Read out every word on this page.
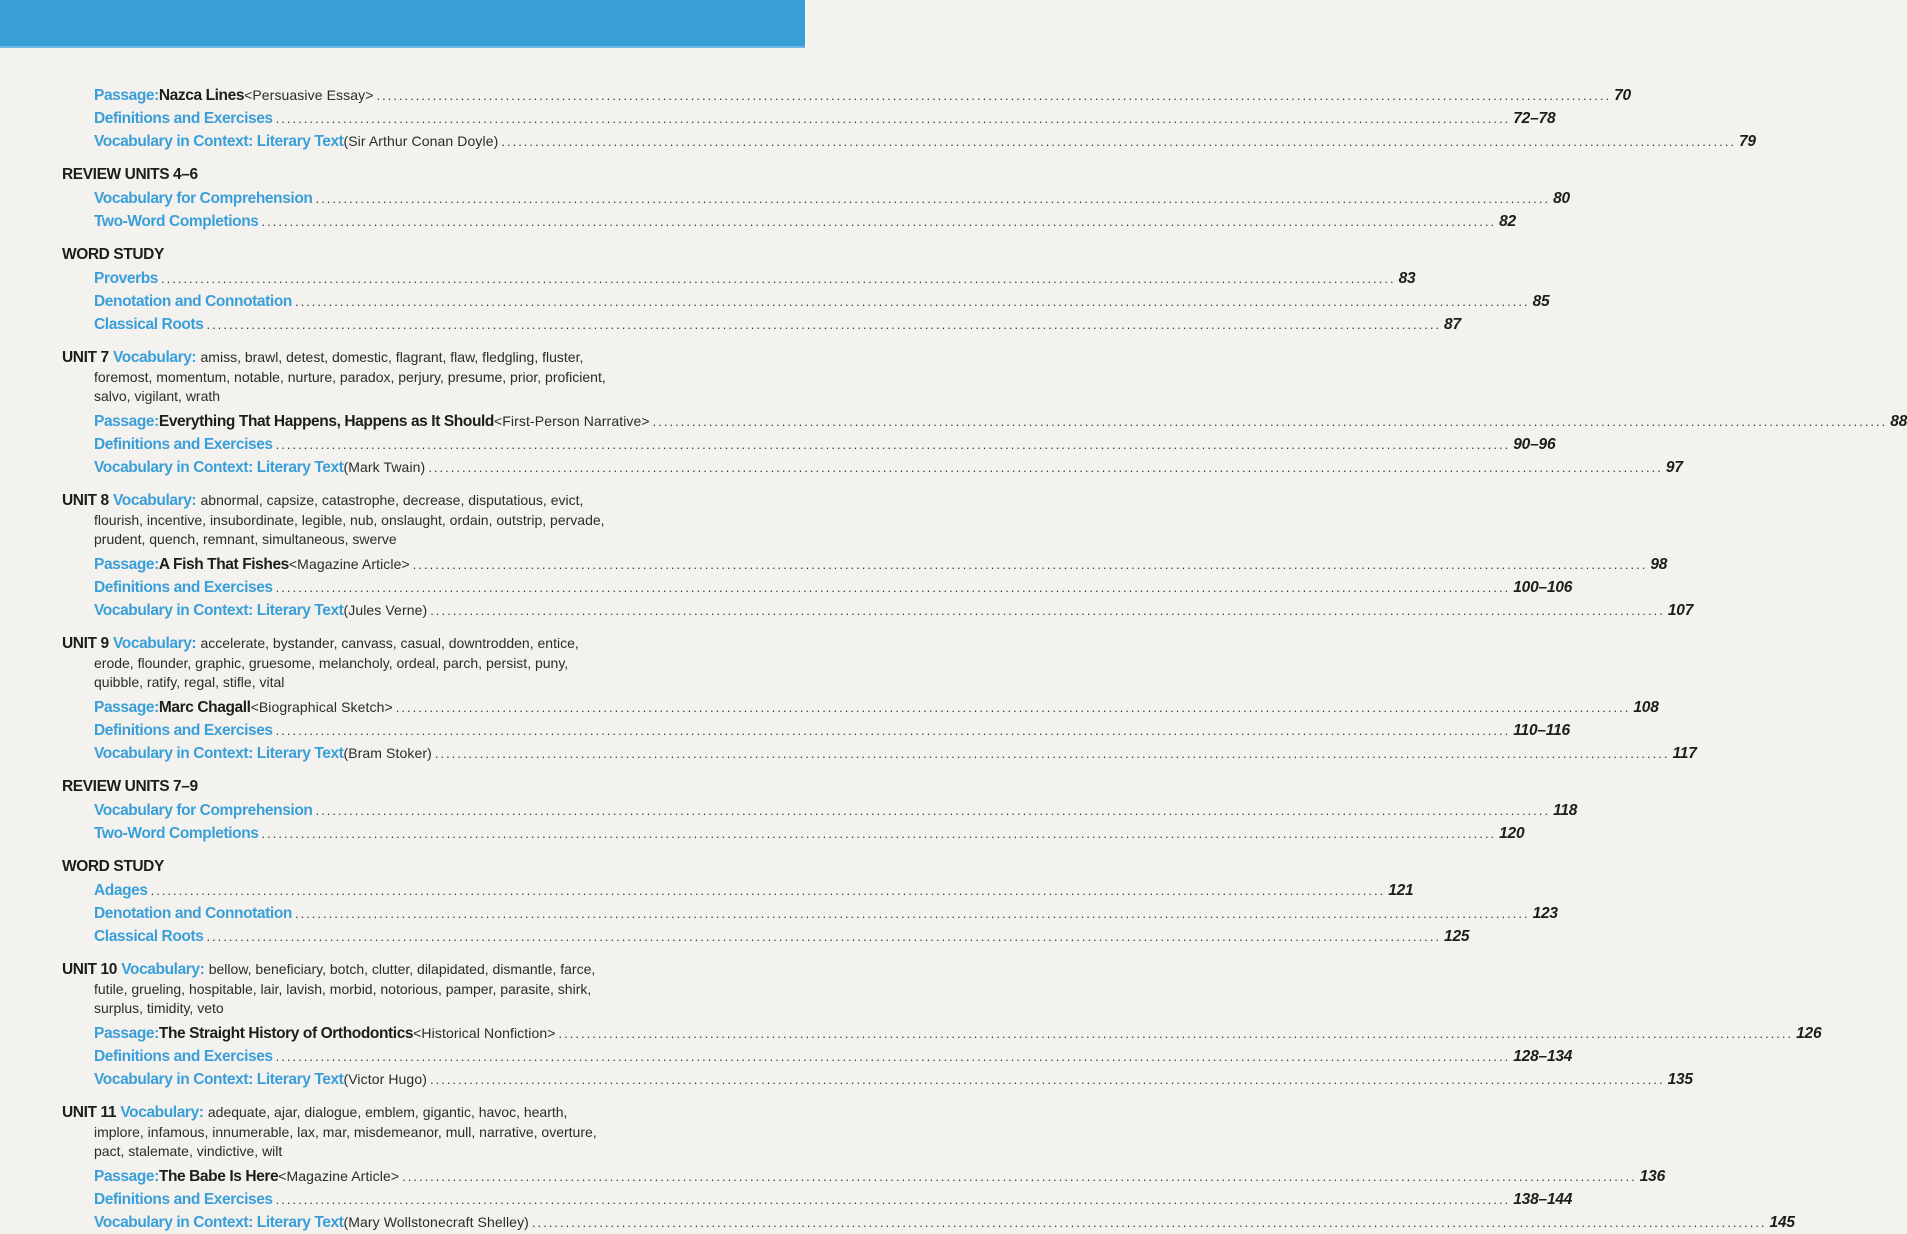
Passage: Nazca Lines <Persuasive Essay> ............................................................................................................................................................................................................................ 70
Definitions and Exercises ............................................................................................................................................................................................................................ 72–78
Vocabulary in Context: Literary Text (Sir Arthur Conan Doyle) ............................................................................................................................................................................................................................ 79
REVIEW UNITS 4–6
Vocabulary for Comprehension ............................................................................................................................................................................................................................ 80
Two-Word Completions ............................................................................................................................................................................................................................ 82
WORD STUDY
Proverbs ............................................................................................................................................................................................................................ 83
Denotation and Connotation ............................................................................................................................................................................................................................ 85
Classical Roots ............................................................................................................................................................................................................................ 87
UNIT 7 Vocabulary: amiss, brawl, detest, domestic, flagrant, flaw, fledgling, fluster,
foremost, momentum, notable, nurture, paradox, perjury, presume, prior, proficient,
salvo, vigilant, wrath
Passage: Everything That Happens, Happens as It Should <First-Person Narrative> ............................................................................................................................................................................................................................ 88
Definitions and Exercises ............................................................................................................................................................................................................................ 90–96
Vocabulary in Context: Literary Text (Mark Twain) ............................................................................................................................................................................................................................ 97
UNIT 8 Vocabulary: abnormal, capsize, catastrophe, decrease, disputatious, evict,
flourish, incentive, insubordinate, legible, nub, onslaught, ordain, outstrip, pervade,
prudent, quench, remnant, simultaneous, swerve
Passage: A Fish That Fishes <Magazine Article> ............................................................................................................................................................................................................................ 98
Definitions and Exercises ............................................................................................................................................................................................................................ 100–106
Vocabulary in Context: Literary Text (Jules Verne) ............................................................................................................................................................................................................................ 107
UNIT 9 Vocabulary: accelerate, bystander, canvass, casual, downtrodden, entice,
erode, flounder, graphic, gruesome, melancholy, ordeal, parch, persist, puny,
quibble, ratify, regal, stifle, vital
Passage: Marc Chagall <Biographical Sketch> ............................................................................................................................................................................................................................ 108
Definitions and Exercises ............................................................................................................................................................................................................................ 110–116
Vocabulary in Context: Literary Text (Bram Stoker) ............................................................................................................................................................................................................................ 117
REVIEW UNITS 7–9
Vocabulary for Comprehension ............................................................................................................................................................................................................................ 118
Two-Word Completions ............................................................................................................................................................................................................................ 120
WORD STUDY
Adages ............................................................................................................................................................................................................................ 121
Denotation and Connotation ............................................................................................................................................................................................................................ 123
Classical Roots ............................................................................................................................................................................................................................ 125
UNIT 10 Vocabulary: bellow, beneficiary, botch, clutter, dilapidated, dismantle, farce,
futile, grueling, hospitable, lair, lavish, morbid, notorious, pamper, parasite, shirk,
surplus, timidity, veto
Passage: The Straight History of Orthodontics <Historical Nonfiction> ............................................................................................................................................................................................................................ 126
Definitions and Exercises ............................................................................................................................................................................................................................ 128–134
Vocabulary in Context: Literary Text (Victor Hugo) ............................................................................................................................................................................................................................ 135
UNIT 11 Vocabulary: adequate, ajar, dialogue, emblem, gigantic, havoc, hearth,
implore, infamous, innumerable, lax, mar, misdemeanor, mull, narrative, overture,
pact, stalemate, vindictive, wilt
Passage: The Babe Is Here <Magazine Article> ............................................................................................................................................................................................................................ 136
Definitions and Exercises ............................................................................................................................................................................................................................ 138–144
Vocabulary in Context: Literary Text (Mary Wollstonecraft Shelley) ............................................................................................................................................................................................................................ 145
